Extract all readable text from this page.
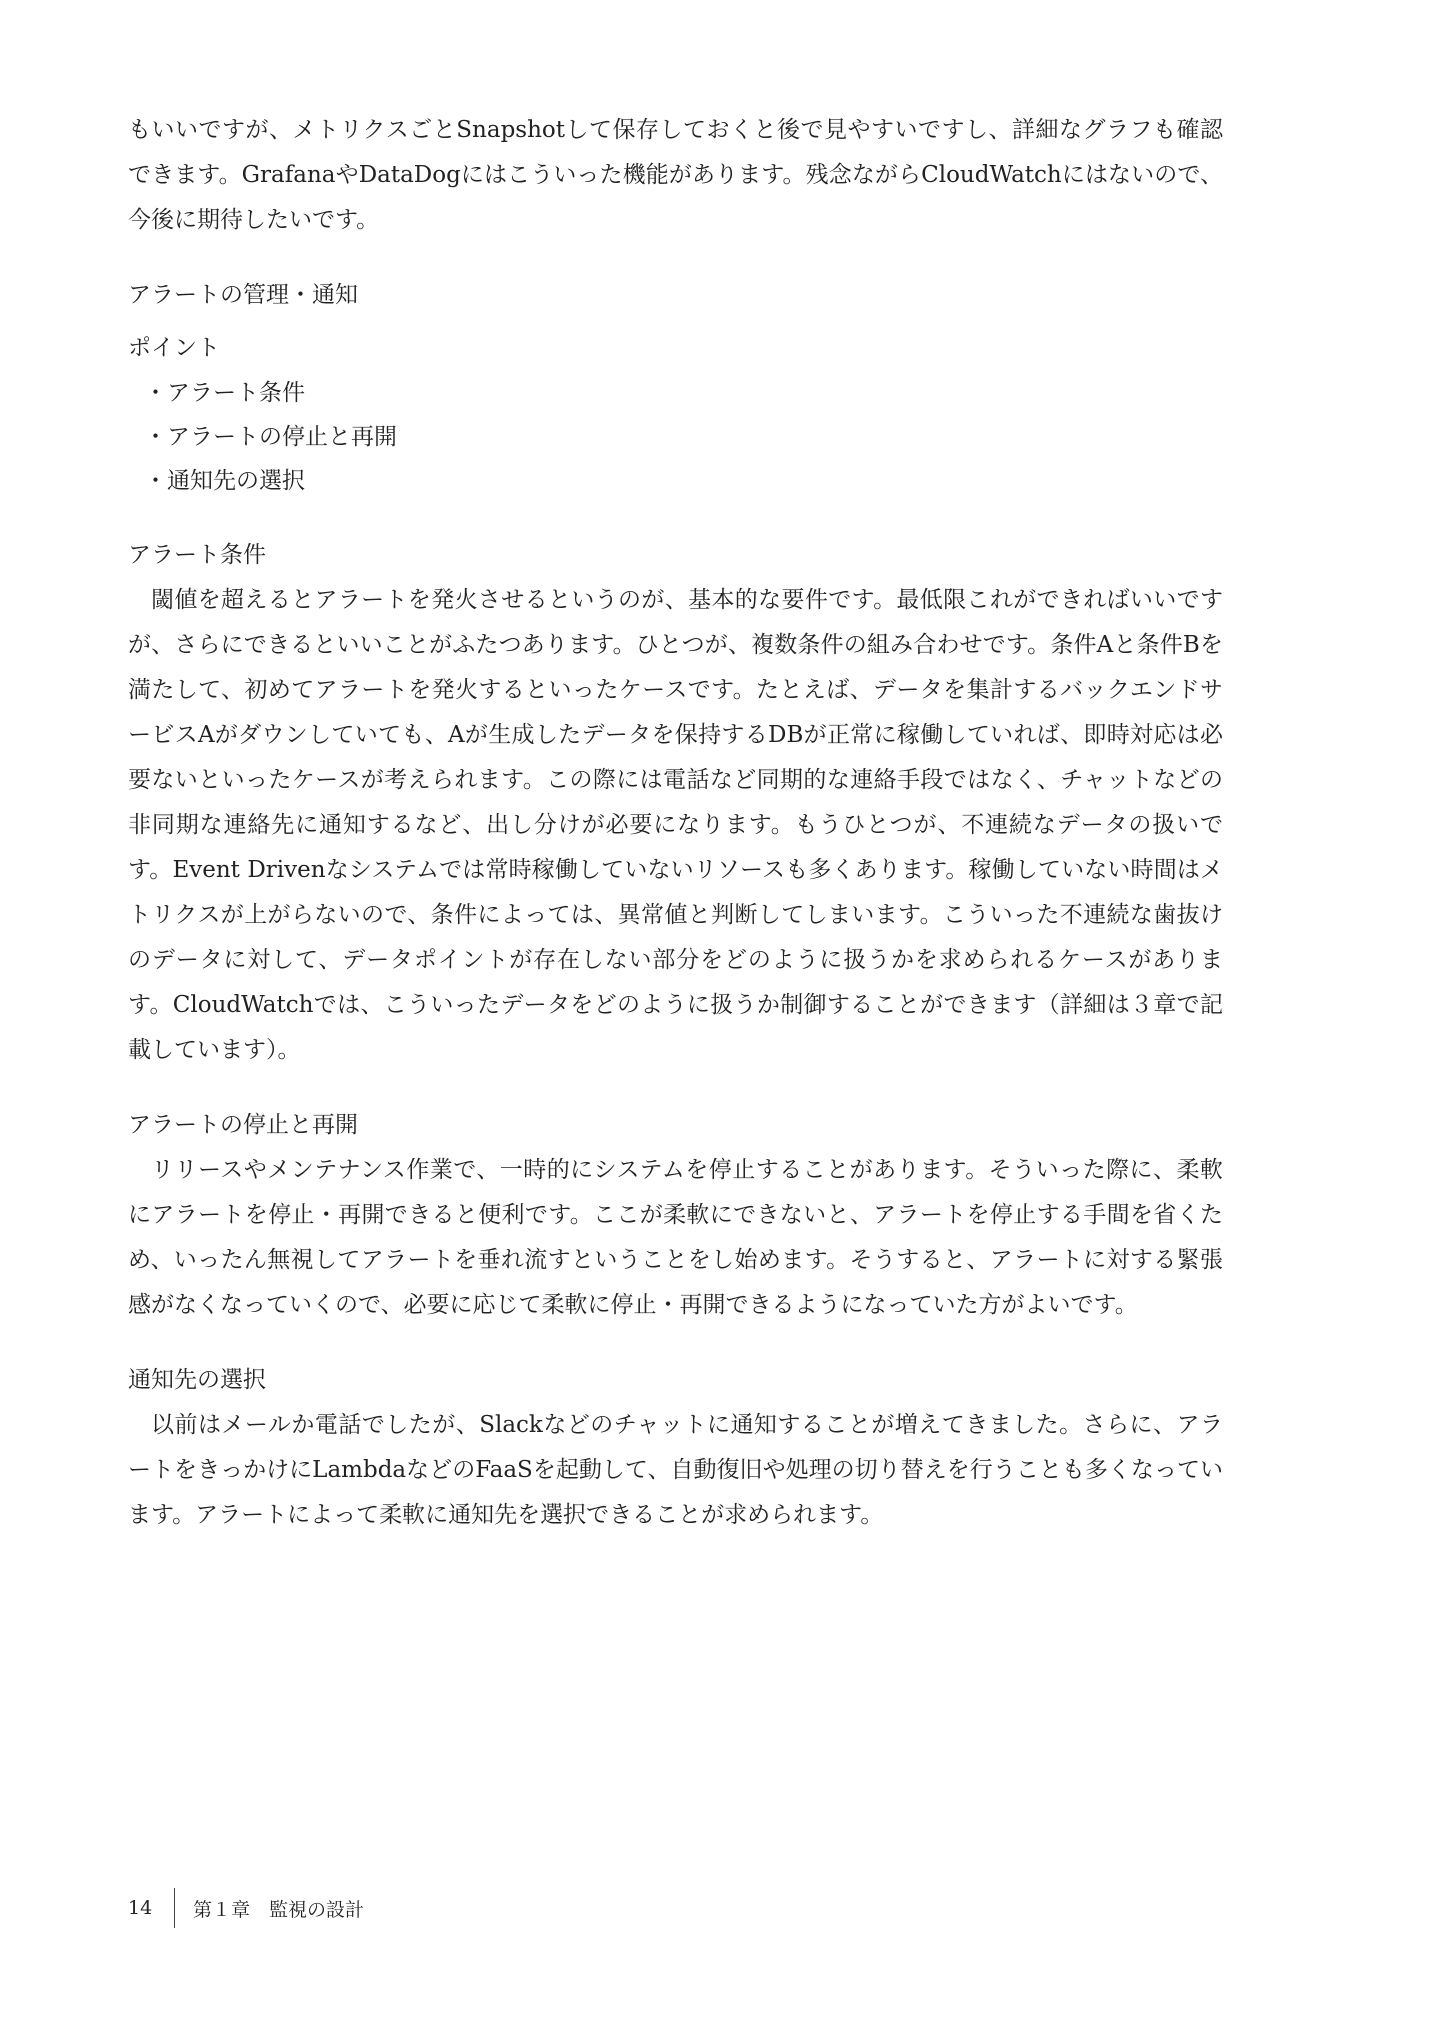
もいいですが、メトリクスごとSnapshotして保存しておくと後で見やすいですし、詳細なグラフも確認できます。GrafanaやDataDogにはこういった機能があります。残念ながらCloudWatchにはないので、今後に期待したいです。

アラートの管理・通知

ポイント

・アラート条件
・アラートの停止と再開
・通知先の選択

アラート条件

閾値を超えるとアラートを発火させるというのが、基本的な要件です。最低限これができればいいですが、さらにできるといいことがふたつあります。ひとつが、複数条件の組み合わせです。条件Aと条件Bを満たして、初めてアラートを発火するといったケースです。たとえば、データを集計するバックエンドサービスAがダウンしていても、Aが生成したデータを保持するDBが正常に稼働していれば、即時対応は必要ないといったケースが考えられます。この際には電話など同期的な連絡手段ではなく、チャットなどの非同期な連絡先に通知するなど、出し分けが必要になります。もうひとつが、不連続なデータの扱いです。Event Drivenなシステムでは常時稼働していないリソースも多くあります。稼働していない時間はメトリクスが上がらないので、条件によっては、異常値と判断してしまいます。こういった不連続な歯抜けのデータに対して、データポイントが存在しない部分をどのように扱うかを求められるケースがあります。CloudWatchでは、こういったデータをどのように扱うか制御することができます（詳細は３章で記載しています）。

アラートの停止と再開

リリースやメンテナンス作業で、一時的にシステムを停止することがあります。そういった際に、柔軟にアラートを停止・再開できると便利です。ここが柔軟にできないと、アラートを停止する手間を省くため、いったん無視してアラートを垂れ流すということをし始めます。そうすると、アラートに対する緊張感がなくなっていくので、必要に応じて柔軟に停止・再開できるようになっていた方がよいです。

通知先の選択

以前はメールか電話でしたが、Slackなどのチャットに通知することが増えてきました。さらに、アラートをきっかけにLambdaなどのFaaSを起動して、自動復旧や処理の切り替えを行うことも多くなっています。アラートによって柔軟に通知先を選択できることが求められます。

14	第１章　監視の設計
